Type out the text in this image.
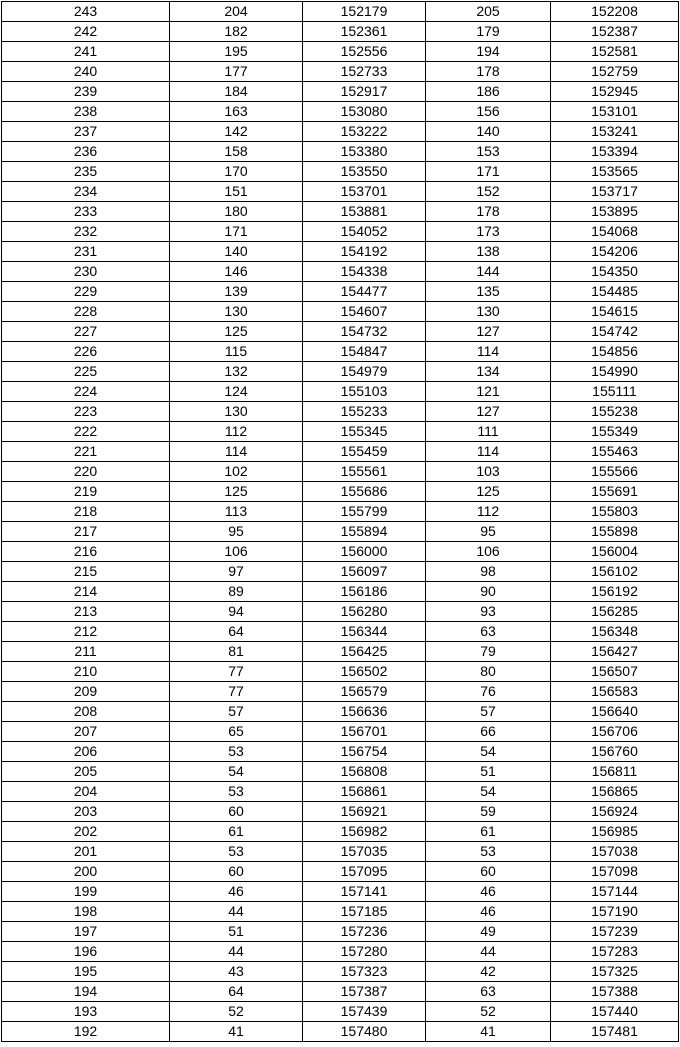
243	204	152179	205	152208
242	182	152361	179	152387
241	195	152556	194	152581
240	177	152733	178	152759
239	184	152917	186	152945
238	163	153080	156	153101
237	142	153222	140	153241
236	158	153380	153	153394
235	170	153550	171	153565
234	151	153701	152	153717
233	180	153881	178	153895
232	171	154052	173	154068
231	140	154192	138	154206
230	146	154338	144	154350
229	139	154477	135	154485
228	130	154607	130	154615
227	125	154732	127	154742
226	115	154847	114	154856
225	132	154979	134	154990
224	124	155103	121	155111
223	130	155233	127	155238
222	112	155345	111	155349
221	114	155459	114	155463
220	102	155561	103	155566
219	125	155686	125	155691
218	113	155799	112	155803
217	95	155894	95	155898
216	106	156000	106	156004
215	97	156097	98	156102
214	89	156186	90	156192
213	94	156280	93	156285
212	64	156344	63	156348
211	81	156425	79	156427
210	77	156502	80	156507
209	77	156579	76	156583
208	57	156636	57	156640
207	65	156701	66	156706
206	53	156754	54	156760
205	54	156808	51	156811
204	53	156861	54	156865
203	60	156921	59	156924
202	61	156982	61	156985
201	53	157035	53	157038
200	60	157095	60	157098
199	46	157141	46	157144
198	44	157185	46	157190
197	51	157236	49	157239
196	44	157280	44	157283
195	43	157323	42	157325
194	64	157387	63	157388
193	52	157439	52	157440
192	41	157480	41	157481
